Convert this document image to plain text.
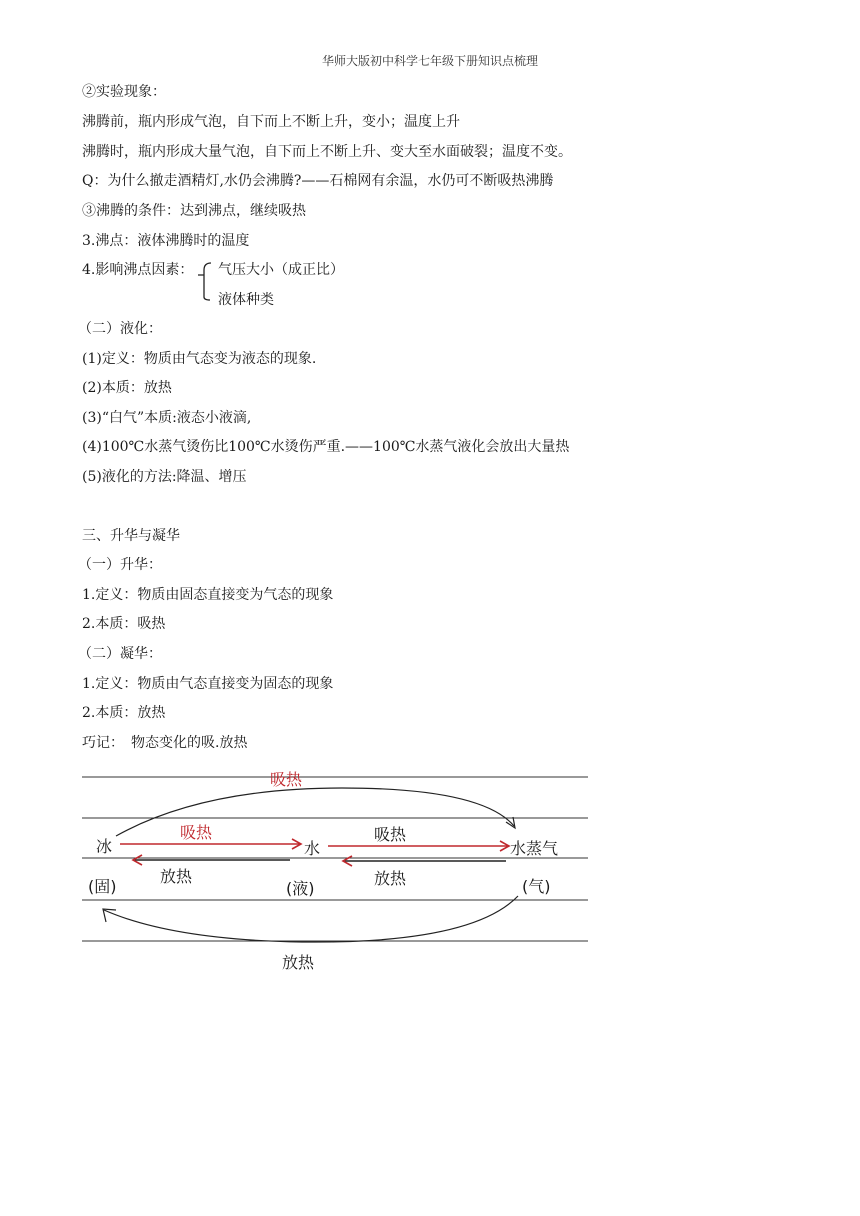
华师大版初中科学七年级下册知识点梳理
②实验现象：
沸腾前，瓶内形成气泡，自下而上不断上升，变小；温度上升
沸腾时，瓶内形成大量气泡，自下而上不断上升、变大至水面破裂；温度不变。
Q：为什么撤走酒精灯,水仍会沸腾?——石棉网有余温，水仍可不断吸热沸腾
③沸腾的条件：达到沸点，继续吸热
3.沸点：液体沸腾时的温度
4.影响沸点因素： 气压大小（成正比）
液体种类
（二）液化：
(1)定义：物质由气态变为液态的现象.
(2)本质：放热
(3)“白气”本质:液态小液滴,
(4)100℃水蒸气烫伤比100℃水烫伤严重.——100℃水蒸气液化会放出大量热
(5)液化的方法:降温、增压
三、升华与凝华
（一）升华：
1.定义：物质由固态直接变为气态的现象
2.本质：吸热
（二）凝华：
1.定义：物质由气态直接变为固态的现象
2.本质：放热
巧记：　物态变化的吸.放热
吸热
吸热	吸热
放热	放热
放热
冰	水	水蒸气
(固)	(液)	(气)
